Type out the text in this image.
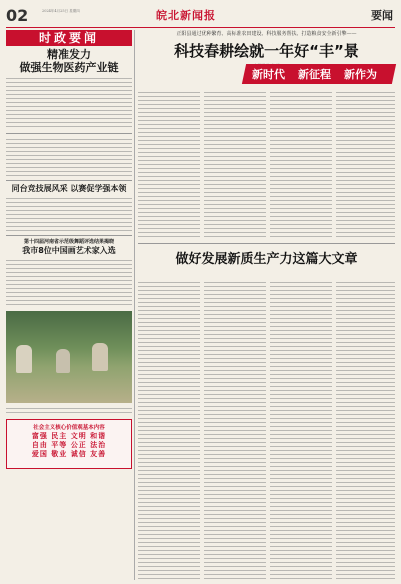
02	2024年4月25日 星期四	皖北新闻报	要闻
时政要闻
精准发力
做强生物医药产业链
同台竞技展风采 以赛促学强本领
第十四届河南省示范级舞蹈评选结果揭晓
我市8位中国画艺术家入选
社会主义核心价值观基本内容
富强 民主 文明 和谐
自由 平等 公正 法治
爱国 敬业 诚信 友善
正阳县通过优种繁育、高标准农田建设、科技服务帮扶、打造粮食安全新引擎——
科技春耕绘就一年好“丰”景
新时代 新征程 新作为
做好发展新质生产力这篇大文章
